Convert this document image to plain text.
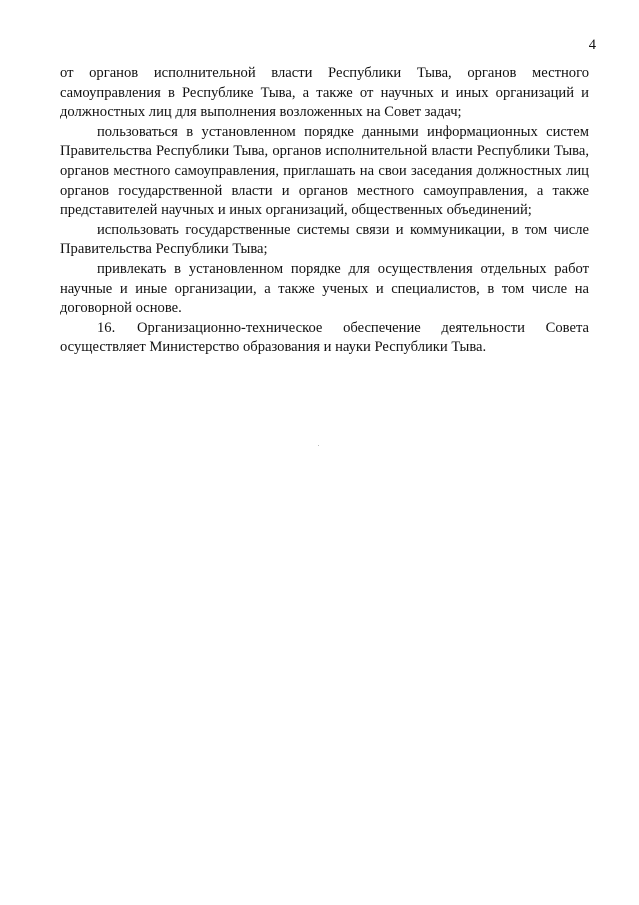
4

от органов исполнительной власти Республики Тыва, органов местного самоуправления в Республике Тыва, а также от научных и иных организаций и должностных лиц для выполнения возложенных на Совет задач;

пользоваться в установленном порядке данными информационных систем Правительства Республики Тыва, органов исполнительной власти Республики Тыва, органов местного самоуправления, приглашать на свои заседания должностных лиц органов государственной власти и органов местного самоуправления, а также представителей научных и иных организаций, общественных объединений;

использовать государственные системы связи и коммуникации, в том числе Правительства Республики Тыва;

привлекать в установленном порядке для осуществления отдельных работ научные и иные организации, а также ученых и специалистов, в том числе на договорной основе.

16. Организационно-техническое обеспечение деятельности Совета осуществляет Министерство образования и науки Республики Тыва.
